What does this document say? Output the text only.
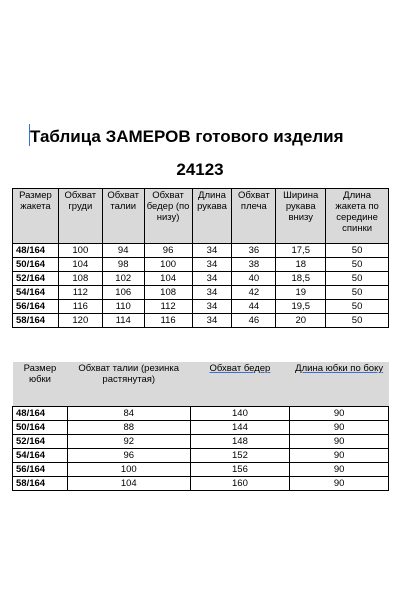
Таблица ЗАМЕРОВ готового изделия
24123
Размер жакета	Обхват груди	Обхват талии	Обхват бедер (по низу)	Длина рукава	Обхват плеча	Ширина рукава внизу	Длина жакета по середине спинки
48/164	100	94	96	34	36	17,5	50
50/164	104	98	100	34	38	18	50
52/164	108	102	104	34	40	18,5	50
54/164	112	106	108	34	42	19	50
56/164	116	110	112	34	44	19,5	50
58/164	120	114	116	34	46	20	50
Размер юбки	Обхват талии (резинка растянутая)	Обхват бедер	Длина юбки по боку
48/164	84	140	90
50/164	88	144	90
52/164	92	148	90
54/164	96	152	90
56/164	100	156	90
58/164	104	160	90
